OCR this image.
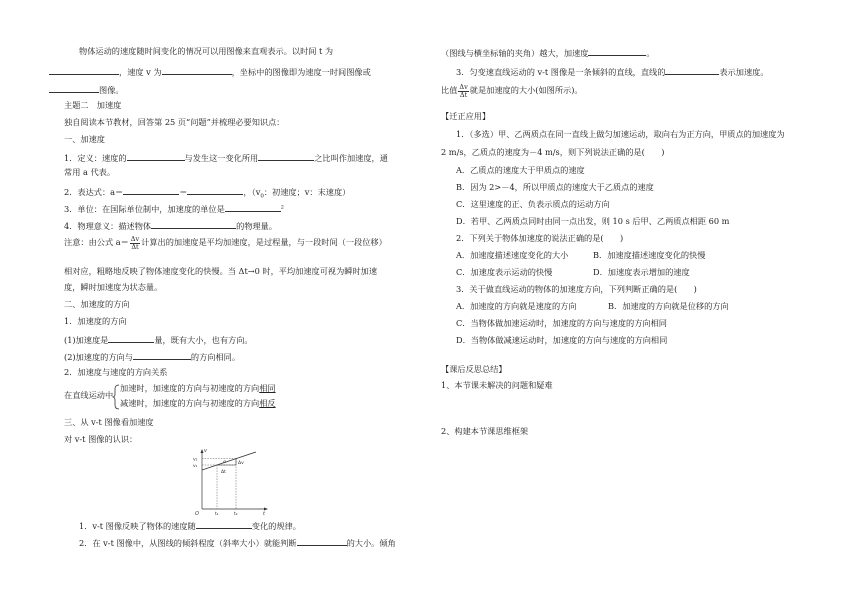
物体运动的速度随时间变化的情况可以用图像来直观表示。以时间 t 为
，速度 v 为	，坐标中的图像即为速度一时间图像或
图像。
主题二　加速度
独自阅读本节教材，回答第 25 页“问题”并梳理必要知识点：
一、加速度
1．定义：速度的	与发生这一变化所用	之比叫作加速度，通
常用 a 代表。
2．表达式：a＝	＝	，（$v_0$：初速度；v：末速度）
3．单位：在国际单位制中，加速度的单位是	$^2$
4．物理意义：描述物体	的物理量。
注意：由公式 $a= \frac{\Delta v}{\Delta t}$ 计算出的加速度是平均加速度，是过程量，与一段时间（一段位移）
相对应，粗略地反映了物体速度变化的快慢。当 Δt→0 时，平均加速度可视为瞬时加速
度，瞬时加速度为状态量。
二、加速度的方向
1．加速度的方向
(1)加速度是	量，既有大小，也有方向。
(2)加速度的方向与	的方向相同。
2．加速度与速度的方向关系
在直线运动中
加速时，加速度的方向与初速度的方向相同
减速时，加速度的方向与初速度的方向相反
三、从 v-t 图像看加速度
对 v-t 图像的认识：
v₂
v₁
v
t
O	t₁	t₂
α	Δv
Δt
1．v-t 图像反映了物体的速度随	变化的规律。
2．在 v-t 图像中，从图线的倾斜程度（斜率大小）就能判断	的大小。倾角
（图线与横坐标轴的夹角）越大，加速度	。
3．匀变速直线运动的 v-t 图像是一条倾斜的直线，直线的	表示加速度。
比值 $\frac{\Delta v}{\Delta t}$ 就是加速度的大小(如图所示)。
【迁正应用】
1．（多选）甲、乙两质点在同一直线上做匀加速运动，取向右为正方向，甲质点的加速度为
2 m/s，乙质点的速度为－4 m/s，则下列说法正确的是(　　)
A．乙质点的速度大于甲质点的速度
B．因为 2>－4，所以甲质点的速度大于乙质点的速度
C．这里速度的正、负表示质点的运动方向
D．若甲、乙两质点同时由同一点出发，则 10 s 后甲、乙两质点相距 60 m
2．下列关于物体加速度的说法正确的是(　　)
A．加速度描述速度变化的大小	B．加速度描述速度变化的快慢
C．加速度表示运动的快慢	D．加速度表示增加的速度
3．关于做直线运动的物体的加速度方向，下列判断正确的是(　　)
A．加速度的方向就是速度的方向	B．加速度的方向就是位移的方向
C．当物体做加速运动时，加速度的方向与速度的方向相同
D．当物体做减速运动时，加速度的方向与速度的方向相同
【课后反思总结】
1、本节课未解决的问题和疑难
2、构建本节课思维框架
